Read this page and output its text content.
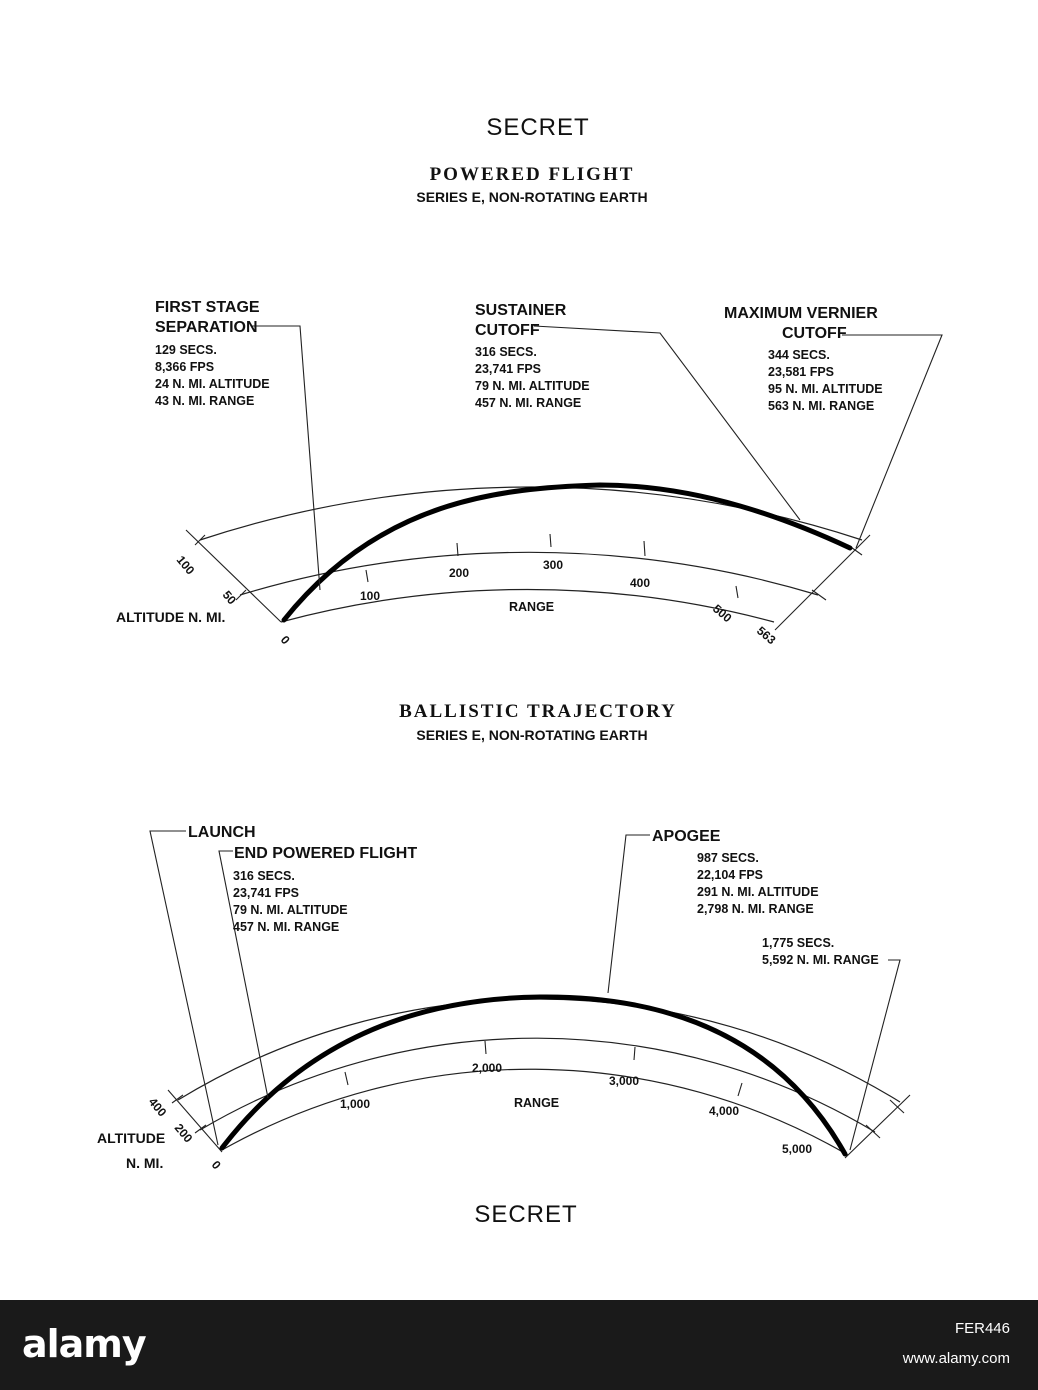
SECRET
POWERED FLIGHT
SERIES E, NON-ROTATING EARTH
100
50
0
100
200
300
400
500
563
ALTITUDE N. MI.
RANGE
FIRST STAGE
SEPARATION
129 SECS.
8,366 FPS
24 N. MI. ALTITUDE
43 N. MI. RANGE
SUSTAINER
CUTOFF
316 SECS.
23,741 FPS
79 N. MI. ALTITUDE
457 N. MI. RANGE
MAXIMUM VERNIER
CUTOFF
344 SECS.
23,581 FPS
95 N. MI. ALTITUDE
563 N. MI. RANGE
BALLISTIC TRAJECTORY
SERIES E, NON-ROTATING EARTH
400
200
0
1,000
2,000
3,000
4,000
5,000
ALTITUDE
N. MI.
RANGE
LAUNCH
END POWERED FLIGHT
316 SECS.
23,741 FPS
79 N. MI. ALTITUDE
457 N. MI. RANGE
APOGEE
987 SECS.
22,104 FPS
291 N. MI. ALTITUDE
2,798 N. MI. RANGE
1,775 SECS.
5,592 N. MI. RANGE
SECRET
alamy	FER446
www.alamy.com
